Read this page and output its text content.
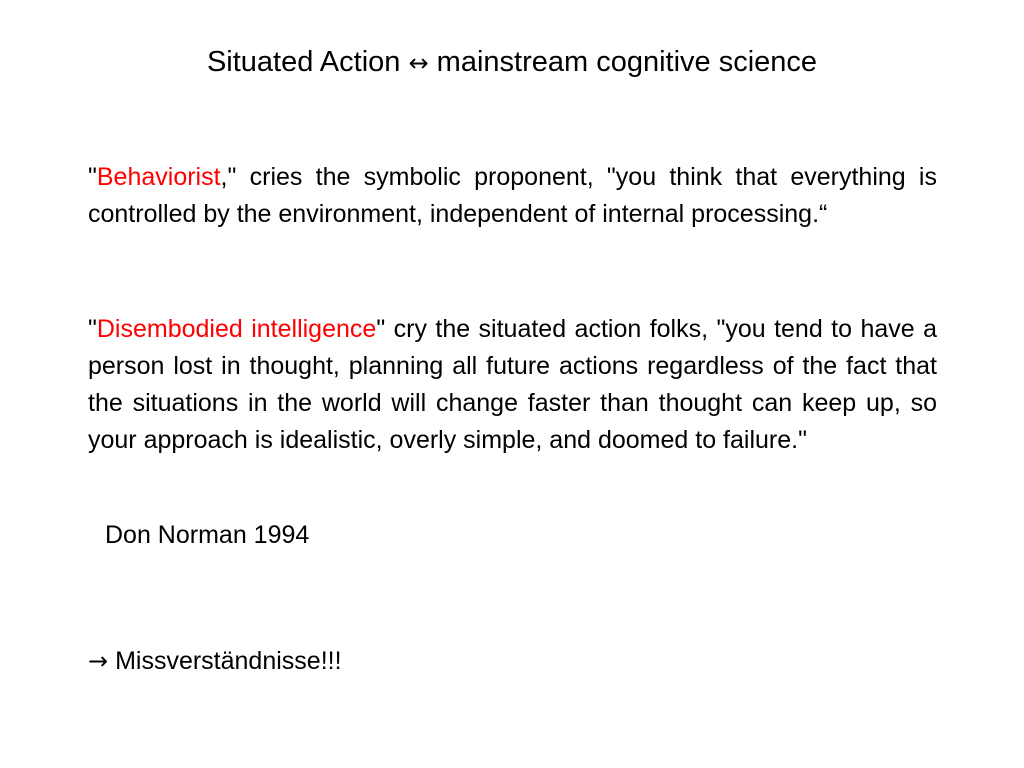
Situated Action ↔ mainstream cognitive science
"Behaviorist," cries the symbolic proponent, "you think that everything is controlled by the environment, independent of internal processing.“
"Disembodied intelligence" cry the situated action folks, "you tend to have a person lost in thought, planning all future actions regardless of the fact that the situations in the world will change faster than thought can keep up, so your approach is idealistic, overly simple, and doomed to failure."
Don Norman 1994
→ Missverständnisse!!!
